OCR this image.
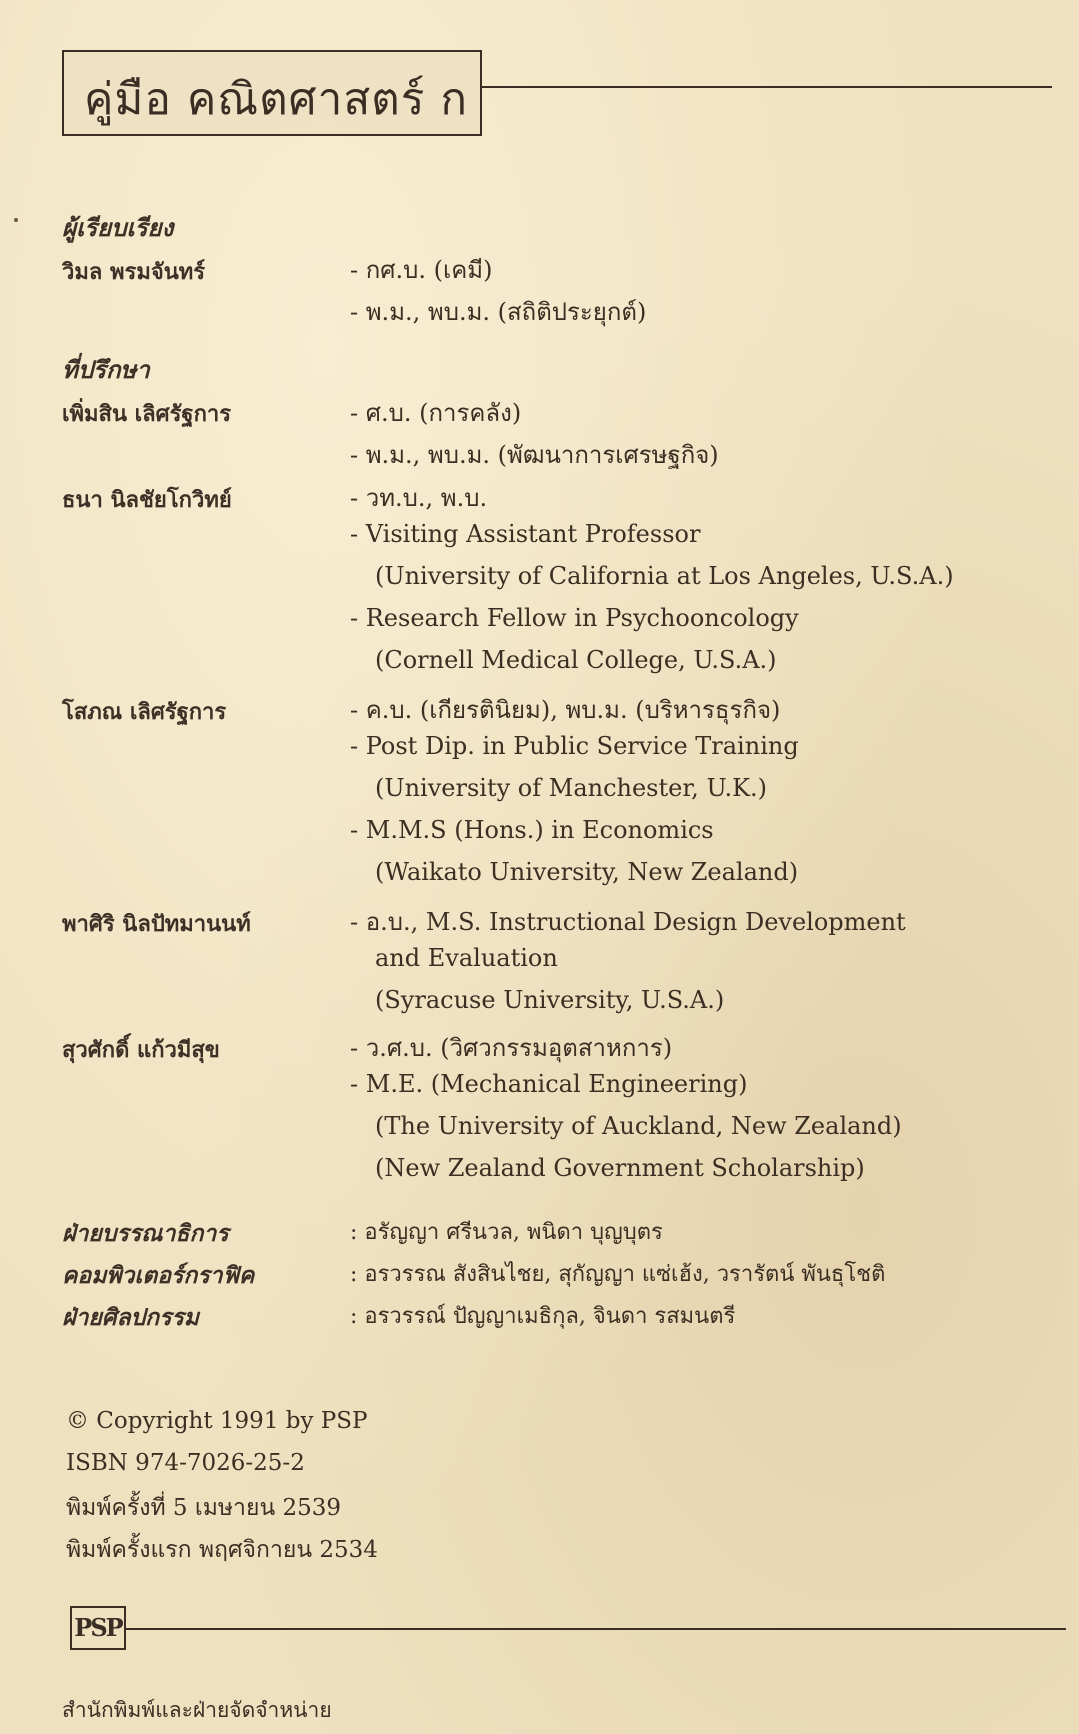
คู่มือ คณิตศาสตร์ ก
ผู้เรียบเรียง
วิมล พรมจันทร์	- กศ.บ. (เคมี)
- พ.ม., พบ.ม. (สถิติประยุกต์)
ที่ปรึกษา
เพิ่มสิน เลิศรัฐการ	- ศ.บ. (การคลัง)
- พ.ม., พบ.ม. (พัฒนาการเศรษฐกิจ)
ธนา นิลชัยโกวิทย์	- วท.บ., พ.บ.
- Visiting Assistant Professor
(University of California at Los Angeles, U.S.A.)
- Research Fellow in Psychooncology
(Cornell Medical College, U.S.A.)
โสภณ เลิศรัฐการ	- ค.บ. (เกียรตินิยม), พบ.ม. (บริหารธุรกิจ)
- Post Dip. in Public Service Training
(University of Manchester, U.K.)
- M.M.S (Hons.) in Economics
(Waikato University, New Zealand)
พาศิริ นิลปัทมานนท์	- อ.บ., M.S. Instructional Design Development
and Evaluation
(Syracuse University, U.S.A.)
สุวศักดิ์ แก้วมีสุข	- ว.ศ.บ. (วิศวกรรมอุตสาหการ)
- M.E. (Mechanical Engineering)
(The University of Auckland, New Zealand)
(New Zealand Government Scholarship)
ฝ่ายบรรณาธิการ	: อรัญญา ศรีนวล, พนิดา บุญบุตร
คอมพิวเตอร์กราฟิค	: อรวรรณ สังสินไชย, สุกัญญา แซ่เฮ้ง, วรารัตน์ พันธุโชติ
ฝ่ายศิลปกรรม	: อรวรรณ์ ปัญญาเมธิกุล, จินดา รสมนตรี
© Copyright 1991 by PSP
ISBN 974-7026-25-2
พิมพ์ครั้งที่ 5 เมษายน 2539
พิมพ์ครั้งแรก พฤศจิกายน 2534
PSP
สำนักพิมพ์และฝ่ายจัดจำหน่าย
